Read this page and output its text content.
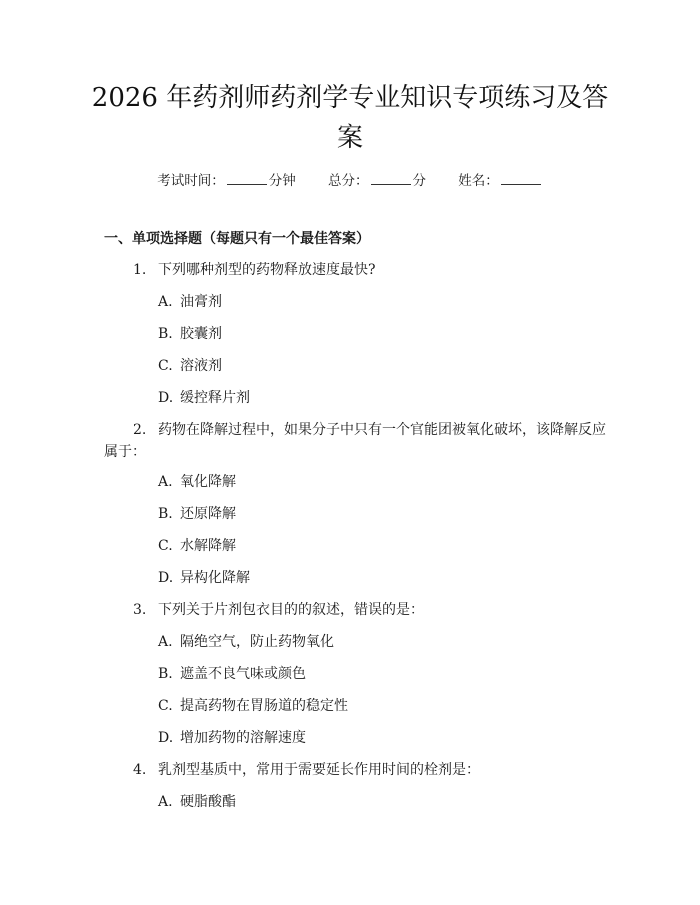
2026 年药剂师药剂学专业知识专项练习及答案
考试时间：	分钟 总分：	分 姓名：
一、单项选择题（每题只有一个最佳答案）
1. 下列哪种剂型的药物释放速度最快?
A. 油膏剂
B. 胶囊剂
C. 溶液剂
D. 缓控释片剂
2. 药物在降解过程中，如果分子中只有一个官能团被氧化破坏，该降解反应
属于：
A. 氧化降解
B. 还原降解
C. 水解降解
D. 异构化降解
3. 下列关于片剂包衣目的的叙述，错误的是：
A. 隔绝空气，防止药物氧化
B. 遮盖不良气味或颜色
C. 提高药物在胃肠道的稳定性
D. 增加药物的溶解速度
4. 乳剂型基质中，常用于需要延长作用时间的栓剂是：
A. 硬脂酸酯
